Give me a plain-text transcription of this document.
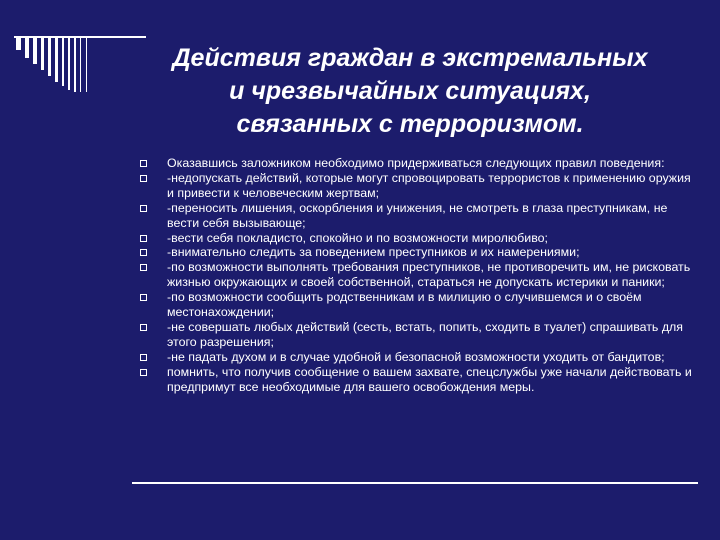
Действия граждан в экстремальных
и чрезвычайных ситуациях,
связанных с терроризмом.
Оказавшись заложником необходимо придерживаться следующих правил поведения:
-недопускать действий, которые могут спровоцировать террористов к применению оружия и привести к человеческим жертвам;
-переносить лишения, оскорбления и унижения, не смотреть в глаза преступникам, не вести себя вызывающе;
-вести себя покладисто, спокойно и по возможности миролюбиво;
-внимательно следить за поведением преступников и их намерениями;
-по возможности выполнять требования преступников, не противоречить им, не рисковать жизнью окружающих и своей собственной, стараться не допускать истерики и паники;
-по возможности сообщить родственникам и в милицию о случившемся и о своём местонахождении;
-не совершать любых действий (сесть, встать, попить, сходить в туалет) спрашивать для этого разрешения;
-не падать духом и в случае удобной и безопасной возможности уходить от бандитов;
помнить, что получив сообщение о вашем захвате, спецслужбы уже начали действовать и предпримут все необходимые для вашего освобождения меры.
